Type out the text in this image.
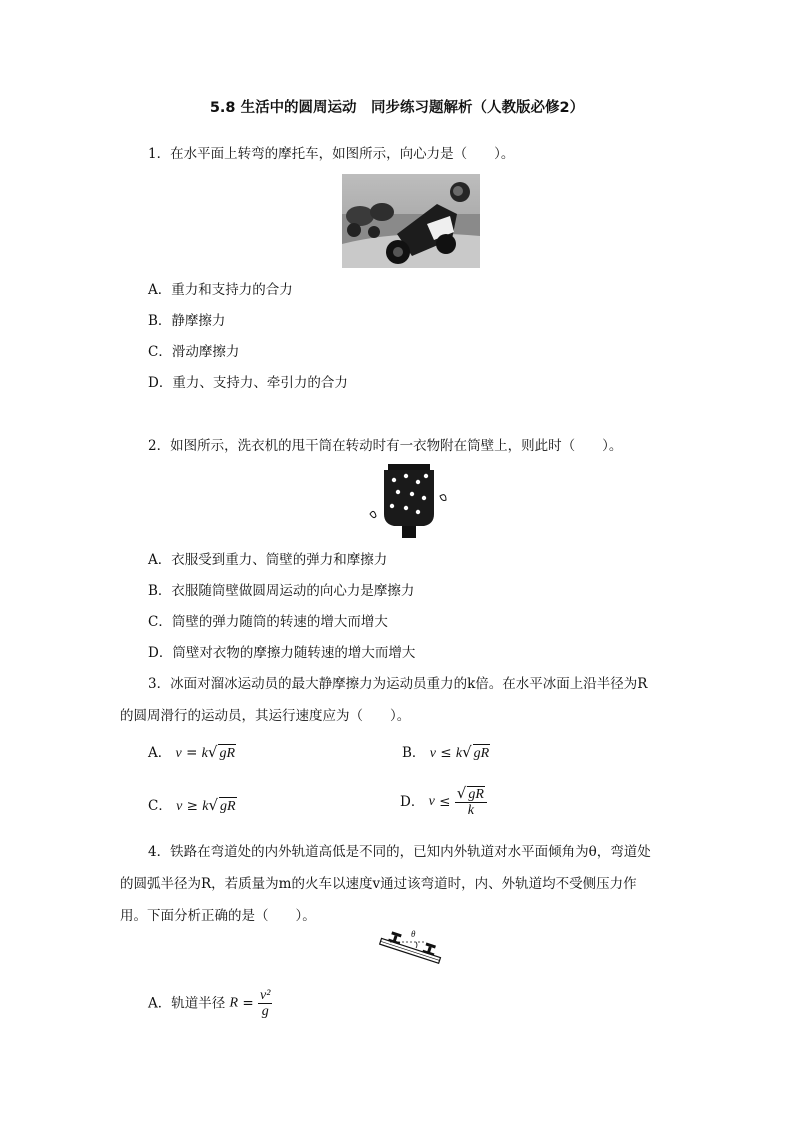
5.8 生活中的圆周运动　同步练习题解析（人教版必修2）
1．在水平面上转弯的摩托车，如图所示，向心力是（　　）。
A．重力和支持力的合力
B．静摩擦力
C．滑动摩擦力
D．重力、支持力、牵引力的合力
2．如图所示，洗衣机的甩干筒在转动时有一衣物附在筒壁上，则此时（　　）。
A．衣服受到重力、筒壁的弹力和摩擦力
B．衣服随筒壁做圆周运动的向心力是摩擦力
C．筒壁的弹力随筒的转速的增大而增大
D．筒壁对衣物的摩擦力随转速的增大而增大
3．冰面对溜冰运动员的最大静摩擦力为运动员重力的k倍。在水平冰面上沿半径为R
的圆周滑行的运动员，其运行速度应为（　　）。
A． v = k√ gR	B． v ≤ k√ gR
C． v ≥ k√ gR	D． $v \le \frac{√ gR}{k}$
4．铁路在弯道处的内外轨道高低是不同的，已知内外轨道对水平面倾角为θ，弯道处
的圆弧半径为R，若质量为m的火车以速度v通过该弯道时，内、外轨道均不受侧压力作
用。下面分析正确的是（　　）。
θ
A．轨道半径 $R = \frac{\text{v²}}{g}$
